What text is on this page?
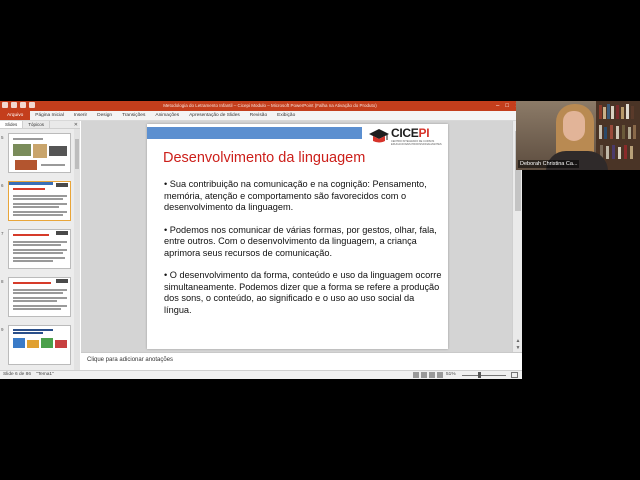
Metodologia do Letramento Infantil – Cicepi Modulo – Microsoft PowerPoint (Falha na Ativação do Produto)	– □
Arquivo	Página Inicial	Inserir	Design	Transições	Animações	Apresentação de Slides	Revisão	Exibição
Slides	Tópicos	✕
5
6
7
8
9
CICEPI
CENTRO INTEGRADO DE CURSOS EDUCACIONAIS PROFISSIONALIZANTES
Desenvolvimento da linguagem

• Sua contribuição na comunicação e na cognição: Pensamento, memória, atenção e comportamento são favorecidos com o desenvolvimento da linguagem.

• Podemos nos comunicar de várias formas, por gestos, olhar, fala, entre outros. Com o desenvolvimento da linguagem, a criança aprimora seus recursos de comunicação.

• O desenvolvimento da forma, conteúdo e uso da linguagem ocorre simultaneamente. Podemos dizer que a forma se refere a produção dos sons, o conteúdo, ao significado e o uso ao uso social da língua.

▲
▼
Clique para adicionar anotações
Slide 6 de 86 "Tema1"	51%
Deborah Christina Ca...
